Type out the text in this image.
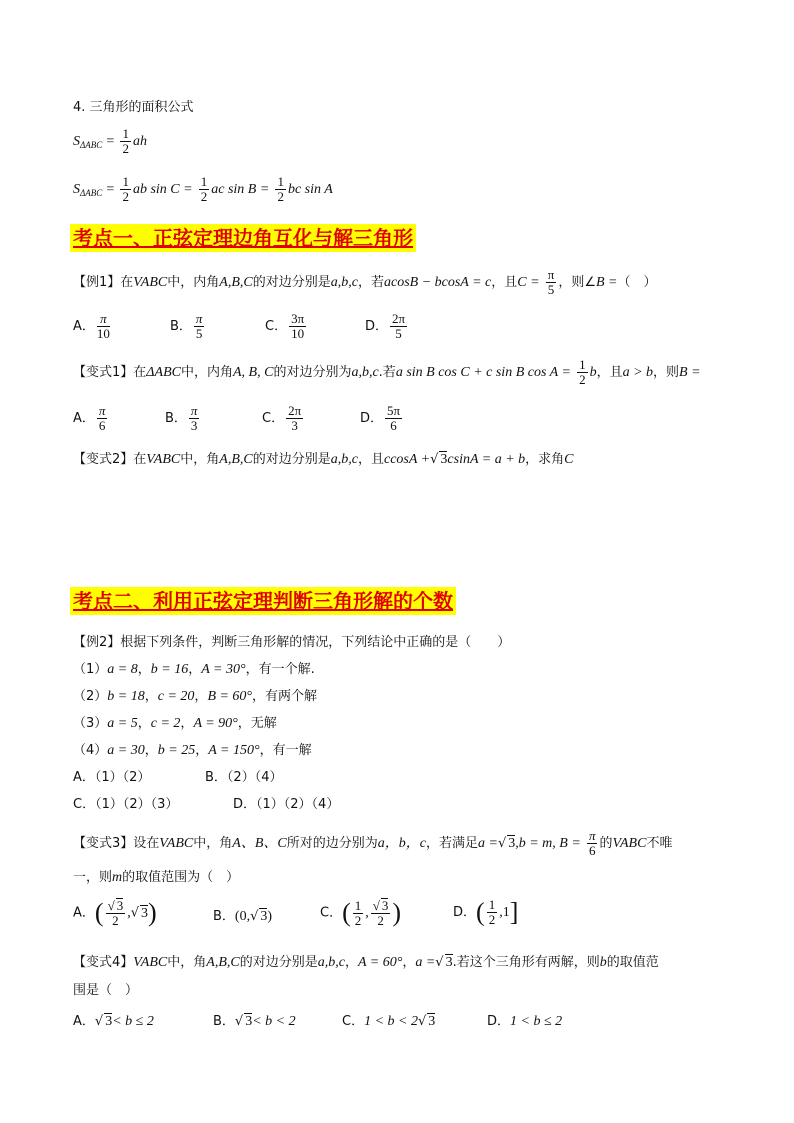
4. 三角形的面积公式
$S_{\Delta ABC} = \frac{1}{2}$ ah
$S_{\Delta ABC} = \frac{1}{2}$ ab $\sin C = \frac{1}{2}$ ac $\sin B = \frac{1}{2}$ bc sin A
考点一、正弦定理边角互化与解三角形
【例1】在VABC中，内角A,B,C的对边分别是a,b,c，若acosB − bcosA = c，且$C = \frac{\pi}{5}$ ，则∠B =（　）
A． $\frac{\pi}{10}$	B． $\frac{\pi}{5}$	C． $\frac{3\pi}{10}$	D． $\frac{2\pi}{5}$
【变式1】在ΔABC中，内角A, B, C的对边分别为a,b,c.若a sin B cos C + c sin B $\cos A = \frac{1}{2}$ b，且a > b，则B =
A． $\frac{\pi}{6}$	B． $\frac{\pi}{3}$	C． $\frac{2\pi}{3}$	D． $\frac{5\pi}{6}$
【变式2】在VABC中，角A,B,C的对边分别是a,b,c，且ccosA +√ 3csinA = a + b，求角C
考点二、利用正弦定理判断三角形解的个数
【例2】根据下列条件，判断三角形解的情况，下列结论中正确的是（　　）
（1）a = 8，b = 16，A = 30°，有一个解.
（2）b = 18，c = 20，B = 60°，有两个解
（3）a = 5，c = 2，A = 90°，无解
（4）a = 30，b = 25，A = 150°，有一解
A．（1）（2）	B．（2）（4）
C．（1）（2）（3）	D．（1）（2）（4）
【变式3】设在VABC中，角A、B、C所对的边分别为a，b，c，若满足a =√ 3,b = m, $B = \frac{\pi}{6}$ 的VABC不唯
一，则m的取值范围为（　）
A．( $\frac{√ 3}{2}$ ,√ 3)	B．(0,√ 3)	C．( $\frac{1}{2}$ , $\frac{√ 3}{2}$ )	D．( $\frac{1}{2} ,1$]
【变式4】VABC中，角A,B,C的对边分别是a,b,c，A = 60°，a =√ 3.若这个三角形有两解，则b的取值范
围是（　）
A．√ 3< b ≤ 2	B．√ 3< b < 2	C．1 < b < 2√ 3	D．1 < b ≤ 2
